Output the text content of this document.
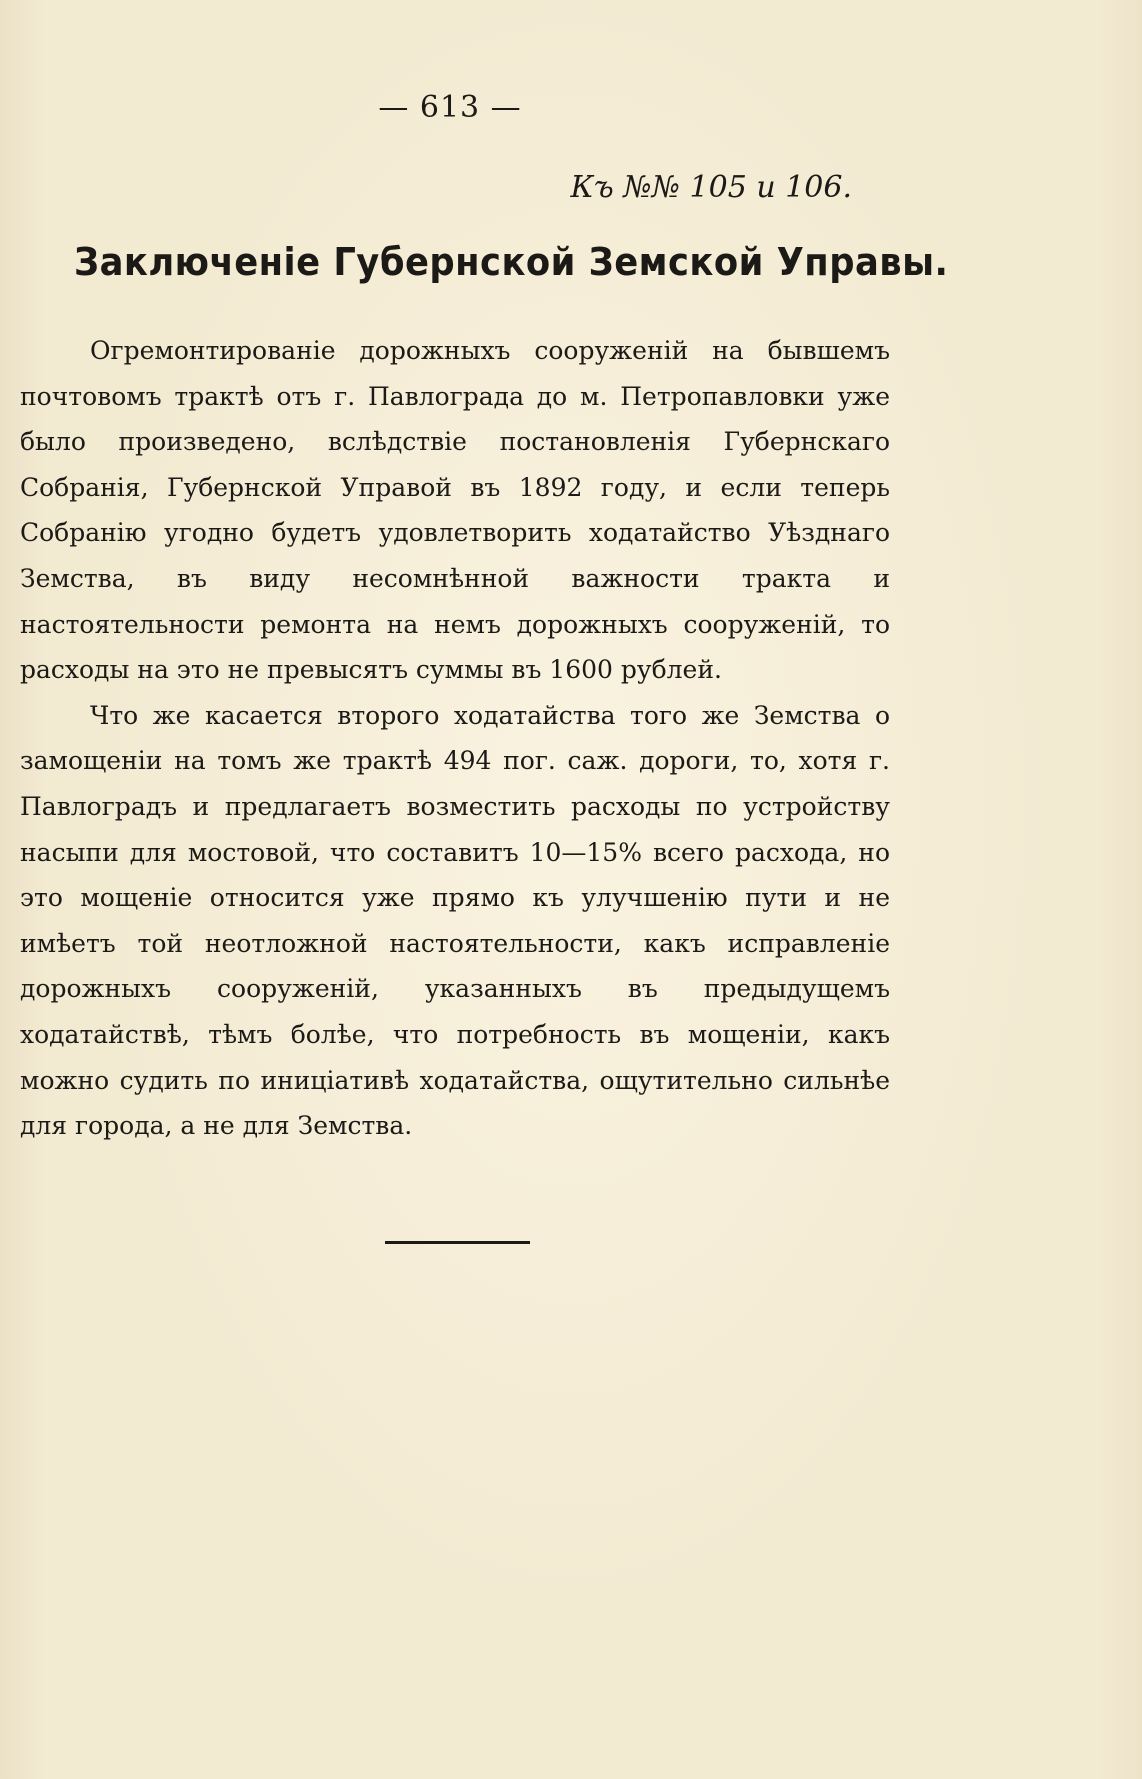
— 613 —
Къ №№ 105 и 106.
Заключеніе Губернской Земской Управы.

Огремонтированіе дорожныхъ сооруженій на бывшемъ почтовомъ трактѣ отъ г. Павлограда до м. Петропавловки уже было произведено, вслѣдствіе постановленія Губернскаго Собранія, Губернской Управой въ 1892 году, и если теперь Собранію угодно будетъ удовлетворить ходатайство Уѣзднаго Земства, въ виду несомнѣнной важности тракта и настоятельности ремонта на немъ дорожныхъ сооруженій, то расходы на это не превысятъ суммы въ 1600 рублей.

Что же касается второго ходатайства того же Земства о замощеніи на томъ же трактѣ 494 пог. саж. дороги, то, хотя г. Павлоградъ и предлагаетъ возместить расходы по устройству насыпи для мостовой, что составитъ 10—15% всего расхода, но это мощеніе относится уже прямо къ улучшенію пути и не имѣетъ той неотложной настоятельности, какъ исправленіе дорожныхъ сооруженій, указанныхъ въ предыдущемъ ходатайствѣ, тѣмъ болѣе, что потребность въ мощеніи, какъ можно судить по иниціативѣ ходатайства, ощутительно сильнѣе для города, а не для Земства.
